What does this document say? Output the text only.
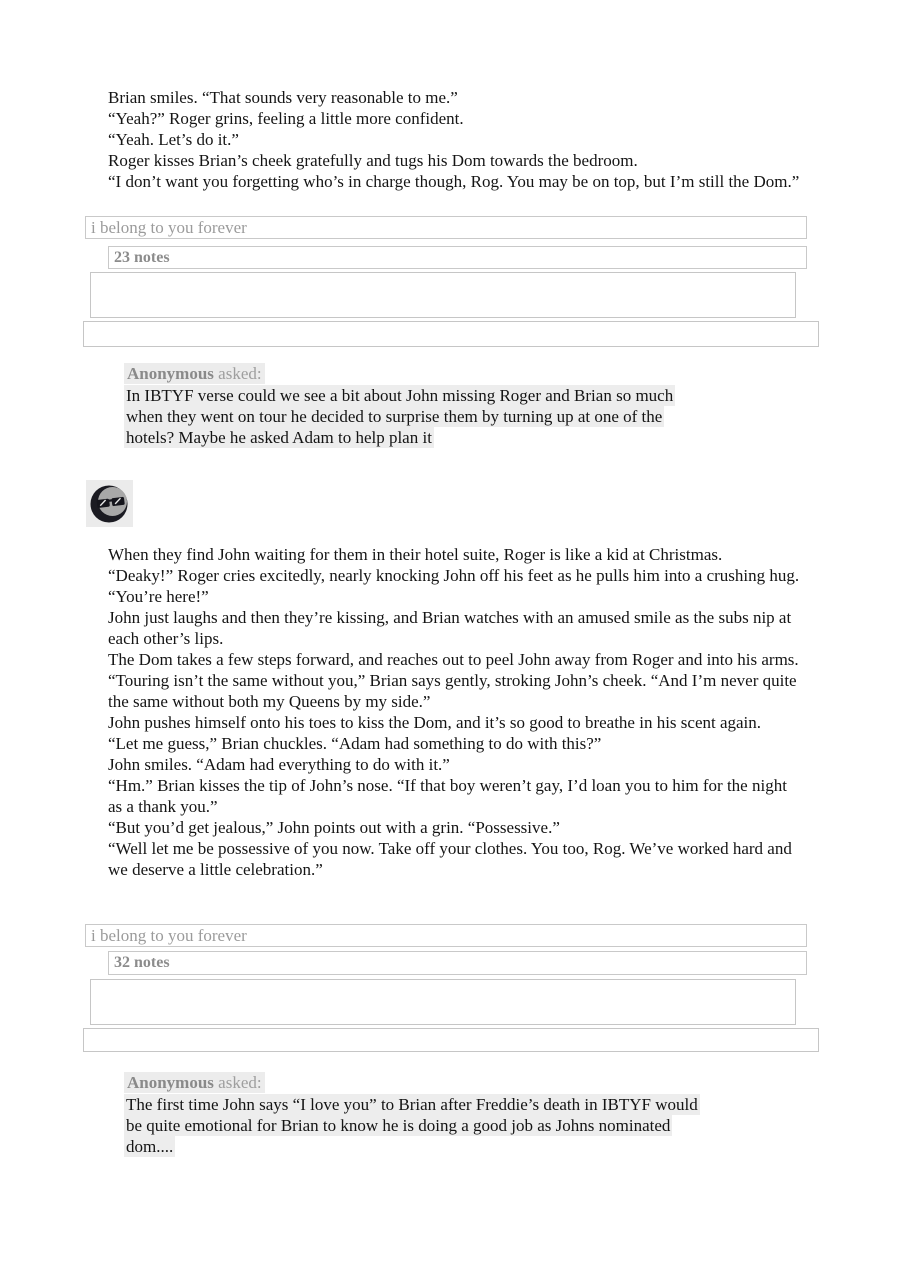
Brian smiles. “That sounds very reasonable to me.”

“Yeah?” Roger grins, feeling a little more confident.

“Yeah. Let’s do it.”

Roger kisses Brian’s cheek gratefully and tugs his Dom towards the bedroom.

“I don’t want you forgetting who’s in charge though, Rog. You may be on top, but I’m still the Dom.”

i belong to you forever
23 notes

Anonymous asked:

In IBTYF verse could we see a bit about John missing Roger and Brian so much when they went on tour he decided to surprise them by turning up at one of the hotels? Maybe he asked Adam to help plan it

When they find John waiting for them in their hotel suite, Roger is like a kid at Christmas.

“Deaky!” Roger cries excitedly, nearly knocking John off his feet as he pulls him into a crushing hug. “You’re here!”

John just laughs and then they’re kissing, and Brian watches with an amused smile as the subs nip at each other’s lips.

The Dom takes a few steps forward, and reaches out to peel John away from Roger and into his arms.

“Touring isn’t the same without you,” Brian says gently, stroking John’s cheek. “And I’m never quite the same without both my Queens by my side.”

John pushes himself onto his toes to kiss the Dom, and it’s so good to breathe in his scent again.

“Let me guess,” Brian chuckles. “Adam had something to do with this?”

John smiles. “Adam had everything to do with it.”

“Hm.” Brian kisses the tip of John’s nose. “If that boy weren’t gay, I’d loan you to him for the night as a thank you.”

“But you’d get jealous,” John points out with a grin. “Possessive.”

“Well let me be possessive of you now. Take off your clothes. You too, Rog. We’ve worked hard and we deserve a little celebration.”

i belong to you forever
32 notes

Anonymous asked:

The first time John says “I love you” to Brian after Freddie’s death in IBTYF would be quite emotional for Brian to know he is doing a good job as Johns nominated dom....
